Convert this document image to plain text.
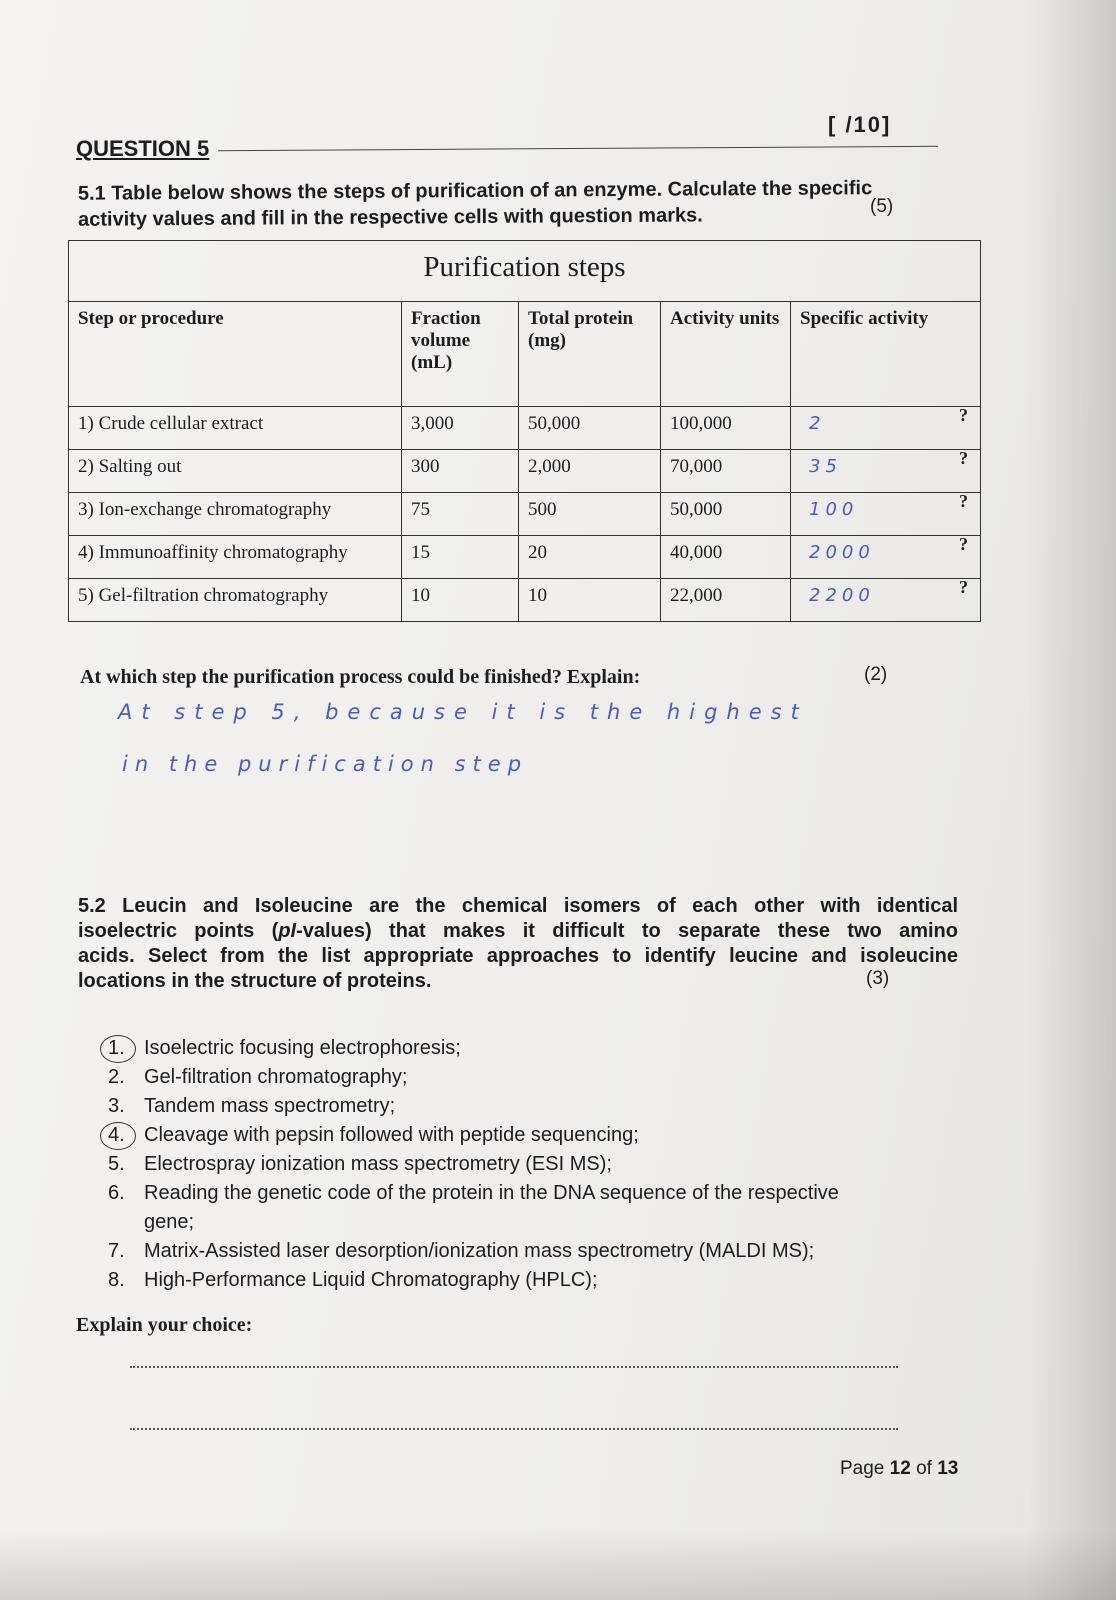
[ /10]
QUESTION 5
5.1 Table below shows the steps of purification of an enzyme. Calculate the specific
activity values and fill in the respective cells with question marks.	(5)
Purification steps				
Step or procedure	Fraction volume (mL)	Total protein (mg)	Activity units	Specific activity
1) Crude cellular extract	3,000	50,000	100,000	2 ?

2) Salting out	300	2,000	70,000	35 ?

3) Ion-exchange chromatography	75	500	50,000	100 ?

4) Immunoaffinity chromatography	15	20	40,000	2000 ?

5) Gel-filtration chromatography	10	10	22,000	2200 ?
At which step the purification process could be finished? Explain:	(2)
At step 5, because it is the highest
in the purification step
5.2 Leucin and Isoleucine are the chemical isomers of each other with identical
isoelectric points (pI-values) that makes it difficult to separate these two amino
acids. Select from the list appropriate approaches to identify leucine and isoleucine
locations in the structure of proteins.	(3)
1. Isoelectric focusing electrophoresis;
2. Gel-filtration chromatography;
3. Tandem mass spectrometry;
4. Cleavage with pepsin followed with peptide sequencing;
5. Electrospray ionization mass spectrometry (ESI MS);
6. Reading the genetic code of the protein in the DNA sequence of the respective
gene;
7. Matrix-Assisted laser desorption/ionization mass spectrometry (MALDI MS);
8. High-Performance Liquid Chromatography (HPLC);
Explain your choice:
Page 12 of 13
